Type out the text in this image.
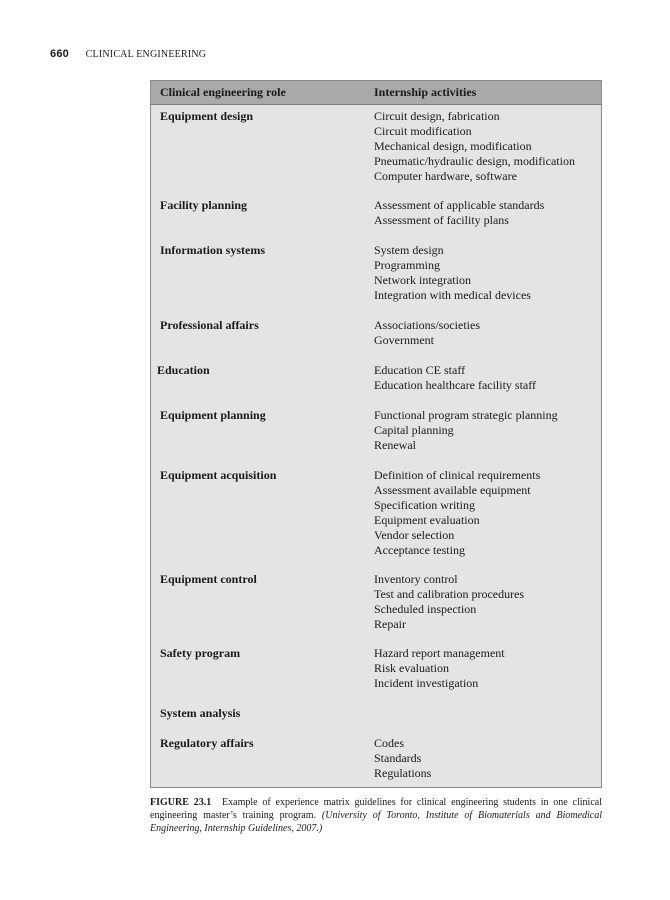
660 CLINICAL ENGINEERING
Clinical engineering role	Internship activities
Equipment design	Circuit design, fabrication
Circuit modification
Mechanical design, modification
Pneumatic/hydraulic design, modification
Computer hardware, software
Facility planning	Assessment of applicable standards
Assessment of facility plans
Information systems	System design
Programming
Network integration
Integration with medical devices
Professional affairs	Associations/societies
Government
Education	Education CE staff
Education healthcare facility staff
Equipment planning	Functional program strategic planning
Capital planning
Renewal
Equipment acquisition	Definition of clinical requirements
Assessment available equipment
Specification writing
Equipment evaluation
Vendor selection
Acceptance testing
Equipment control	Inventory control
Test and calibration procedures
Scheduled inspection
Repair
Safety program	Hazard report management
Risk evaluation
Incident investigation
System analysis
Regulatory affairs	Codes
Standards
Regulations
FIGURE 23.1 Example of experience matrix guidelines for clinical engineering students in one clinical engineering master’s training program. (University of Toronto, Institute of Biomaterials and Biomedical Engineering, Internship Guidelines, 2007.)
